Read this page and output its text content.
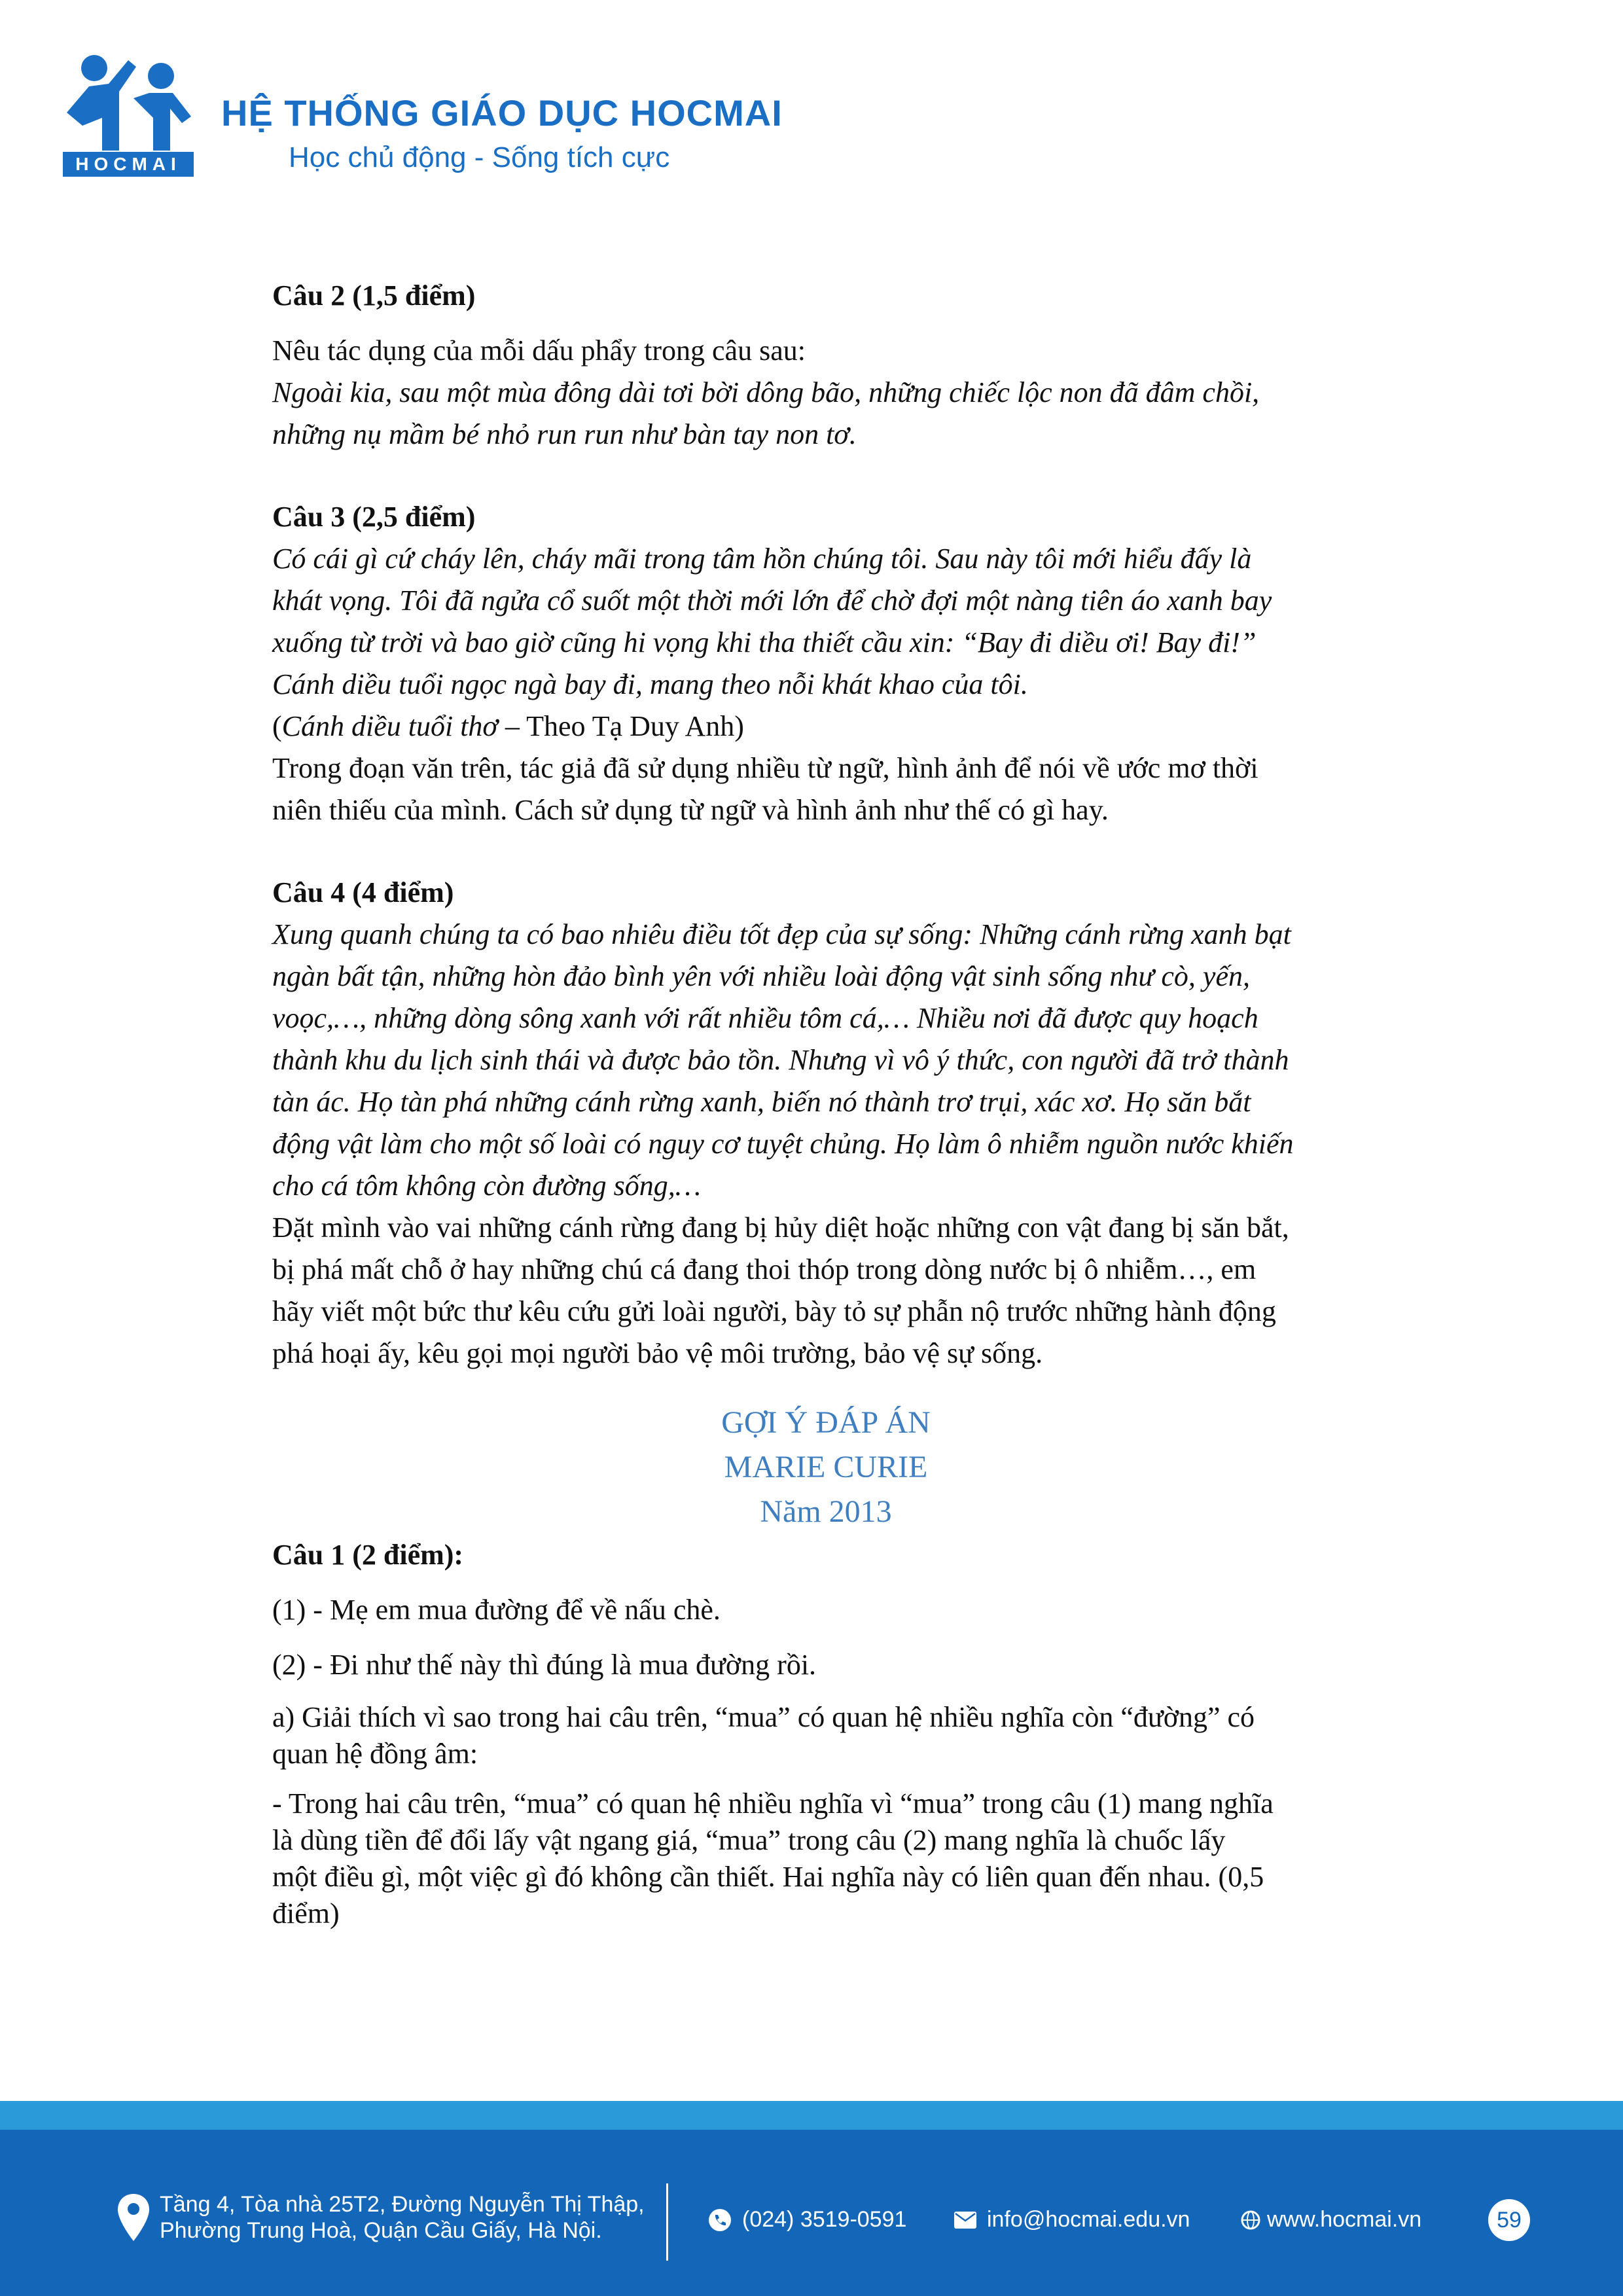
HOCMAI
HỆ THỐNG GIÁO DỤC HOCMAI
Học chủ động - Sống tích cực

Câu 2 (1,5 điểm)

Nêu tác dụng của mỗi dấu phẩy trong câu sau:

Ngoài kia, sau một mùa đông dài tơi bời dông bão, những chiếc lộc non đã đâm chồi,

những nụ mầm bé nhỏ run run như bàn tay non tơ.

Câu 3 (2,5 điểm)

Có cái gì cứ cháy lên, cháy mãi trong tâm hồn chúng tôi. Sau này tôi mới hiểu đấy là

khát vọng. Tôi đã ngửa cổ suốt một thời mới lớn để chờ đợi một nàng tiên áo xanh bay

xuống từ trời và bao giờ cũng hi vọng khi tha thiết cầu xin: “Bay đi diều ơi! Bay đi!”

Cánh diều tuổi ngọc ngà bay đi, mang theo nỗi khát khao của tôi.

(Cánh diều tuổi thơ – Theo Tạ Duy Anh)

Trong đoạn văn trên, tác giả đã sử dụng nhiều từ ngữ, hình ảnh để nói về ước mơ thời

niên thiếu của mình. Cách sử dụng từ ngữ và hình ảnh như thế có gì hay.

Câu 4 (4 điểm)

Xung quanh chúng ta có bao nhiêu điều tốt đẹp của sự sống: Những cánh rừng xanh bạt

ngàn bất tận, những hòn đảo bình yên với nhiều loài động vật sinh sống như cò, yến,

voọc,…, những dòng sông xanh với rất nhiều tôm cá,… Nhiều nơi đã được quy hoạch

thành khu du lịch sinh thái và được bảo tồn. Nhưng vì vô ý thức, con người đã trở thành

tàn ác. Họ tàn phá những cánh rừng xanh, biến nó thành trơ trụi, xác xơ. Họ săn bắt

động vật làm cho một số loài có nguy cơ tuyệt chủng. Họ làm ô nhiễm nguồn nước khiến

cho cá tôm không còn đường sống,…

Đặt mình vào vai những cánh rừng đang bị hủy diệt hoặc những con vật đang bị săn bắt,

bị phá mất chỗ ở hay những chú cá đang thoi thóp trong dòng nước bị ô nhiễm…, em

hãy viết một bức thư kêu cứu gửi loài người, bày tỏ sự phẫn nộ trước những hành động

phá hoại ấy, kêu gọi mọi người bảo vệ môi trường, bảo vệ sự sống.

GỢI Ý ĐÁP ÁN

MARIE CURIE

Năm 2013

Câu 1 (2 điểm):

(1) - Mẹ em mua đường để về nấu chè.

(2) - Đi như thế này thì đúng là mua đường rồi.

a) Giải thích vì sao trong hai câu trên, “mua” có quan hệ nhiều nghĩa còn “đường” có

quan hệ đồng âm:

- Trong hai câu trên, “mua” có quan hệ nhiều nghĩa vì “mua” trong câu (1) mang nghĩa

là dùng tiền để đổi lấy vật ngang giá, “mua” trong câu (2) mang nghĩa là chuốc lấy

một điều gì, một việc gì đó không cần thiết. Hai nghĩa này có liên quan đến nhau. (0,5

điểm)

Tầng 4, Tòa nhà 25T2, Đường Nguyễn Thị Thập,
Phường Trung Hoà, Quận Cầu Giấy, Hà Nội.	(024) 3519-0591	info@hocmai.edu.vn	www.hocmai.vn	59
